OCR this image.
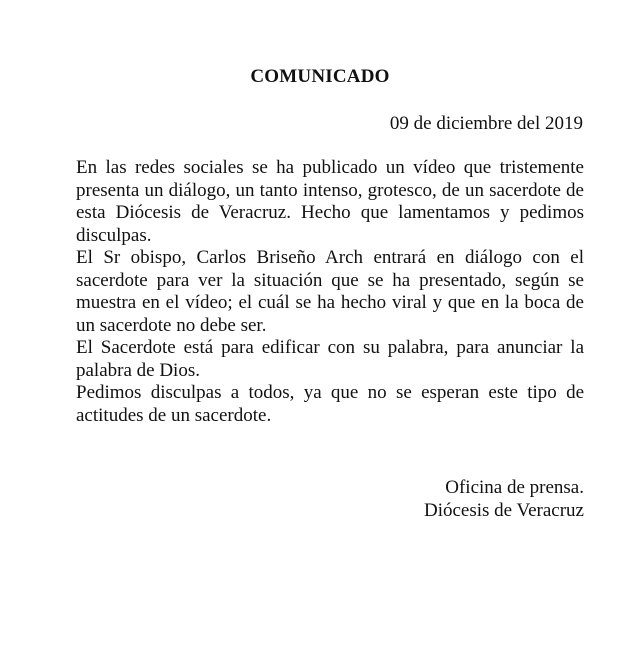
COMUNICADO
09 de diciembre del 2019

En las redes sociales se ha publicado un vídeo que tristemente presenta un diálogo, un tanto intenso, grotesco, de un sacerdote de esta Diócesis de Veracruz. Hecho que lamentamos y pedimos disculpas.

El Sr obispo, Carlos Briseño Arch entrará en diálogo con el sacerdote para ver la situación que se ha presentado, según se muestra en el vídeo; el cuál se ha hecho viral y que en la boca de un sacerdote no debe ser.

El Sacerdote está para edificar con su palabra, para anunciar la palabra de Dios.

Pedimos disculpas a todos, ya que no se esperan este tipo de actitudes de un sacerdote.

Oficina de prensa.
Diócesis de Veracruz
